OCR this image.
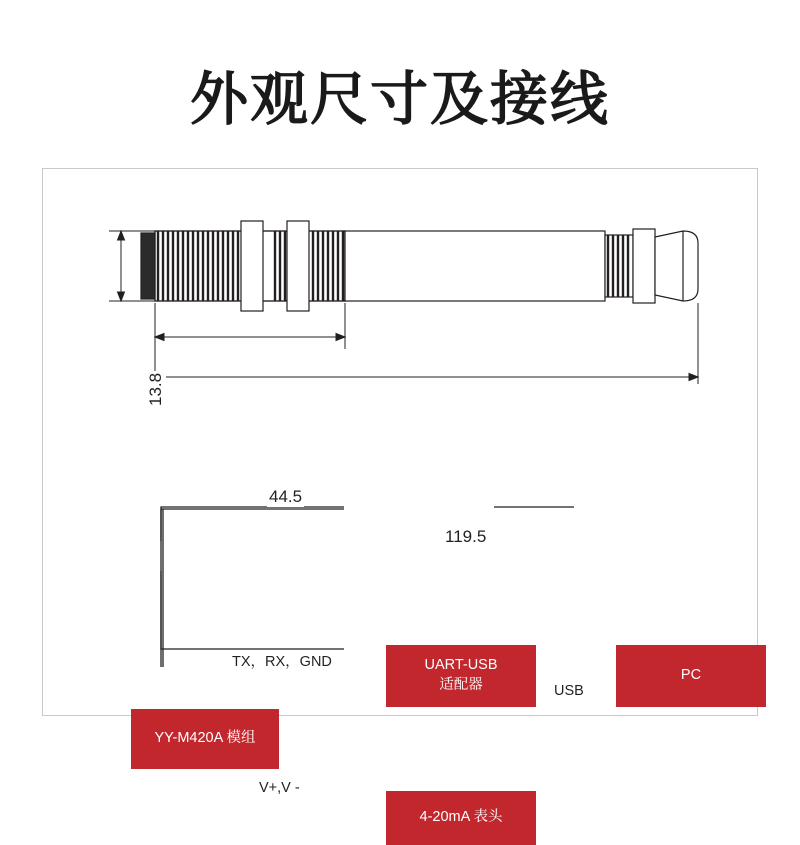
外观尺寸及接线
YY-M420A 模组
UART-USB
适配器
PC
4-20mA 表头
TX，RX，GND
USB
V+,V -
13.8
44.5
119.5
